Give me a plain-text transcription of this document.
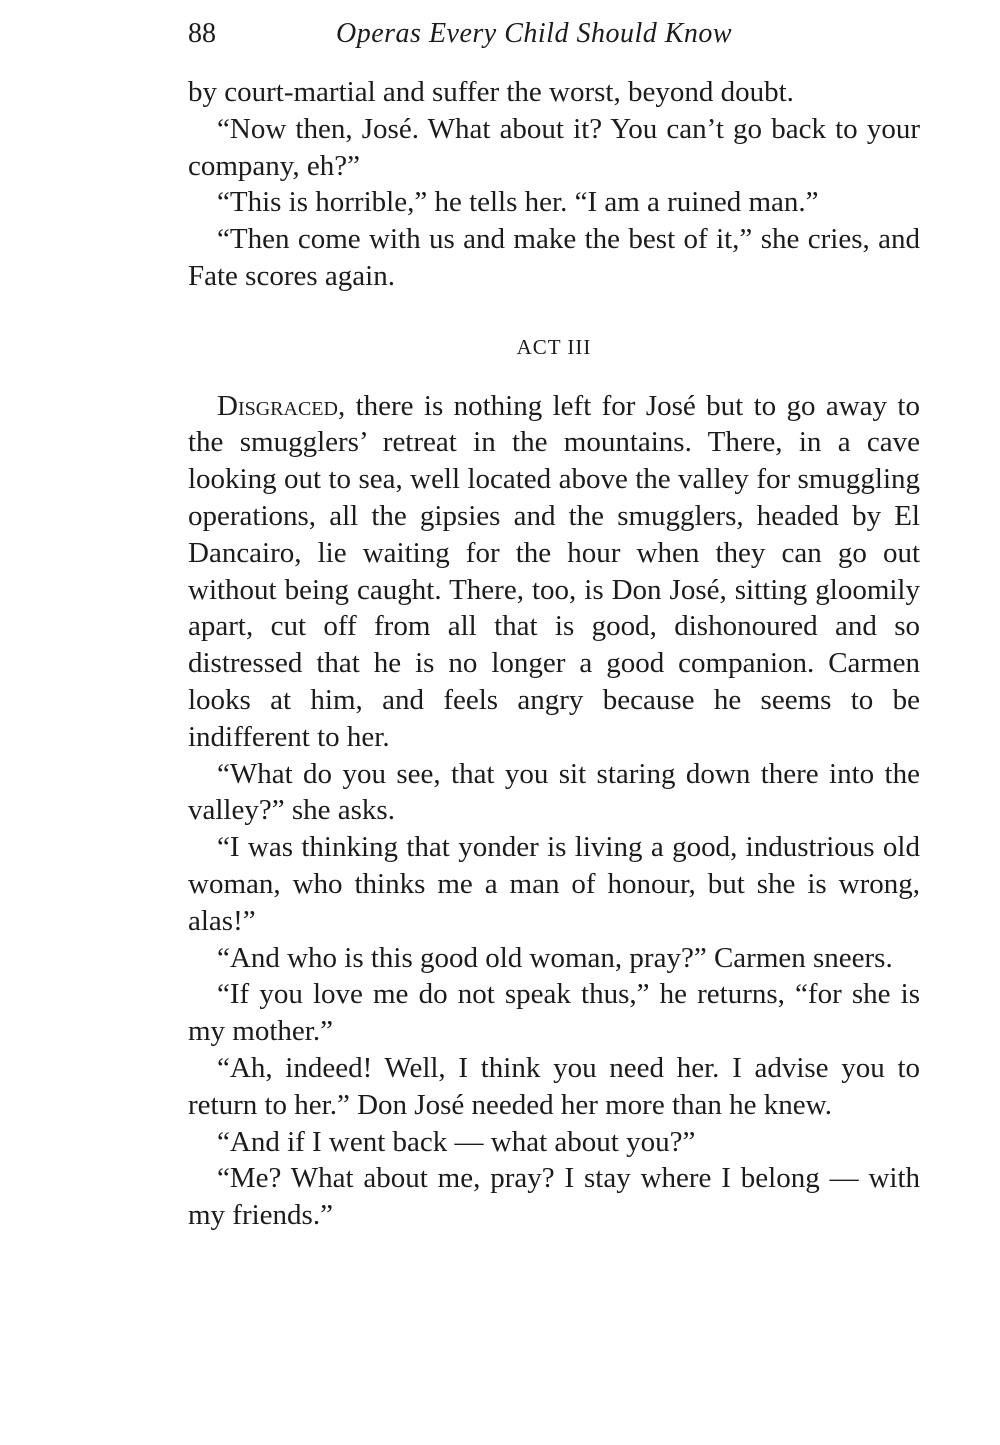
88	Operas Every Child Should Know

by court-martial and suffer the worst, beyond doubt.

“Now then, José. What about it? You can’t go back to your company, eh?”

“This is horrible,” he tells her. “I am a ruined man.”

“Then come with us and make the best of it,” she cries, and Fate scores again.

ACT III

Disgraced, there is nothing left for José but to go away to the smugglers’ retreat in the mountains. There, in a cave looking out to sea, well located above the valley for smuggling operations, all the gipsies and the smugglers, headed by El Dancairo, lie waiting for the hour when they can go out without being caught. There, too, is Don José, sitting gloomily apart, cut off from all that is good, dishonoured and so distressed that he is no longer a good companion. Carmen looks at him, and feels angry because he seems to be indifferent to her.

“What do you see, that you sit staring down there into the valley?” she asks.

“I was thinking that yonder is living a good, industrious old woman, who thinks me a man of honour, but she is wrong, alas!”

“And who is this good old woman, pray?” Carmen sneers.

“If you love me do not speak thus,” he returns, “for she is my mother.”

“Ah, indeed! Well, I think you need her. I advise you to return to her.” Don José needed her more than he knew.

“And if I went back — what about you?”

“Me? What about me, pray? I stay where I belong — with my friends.”
